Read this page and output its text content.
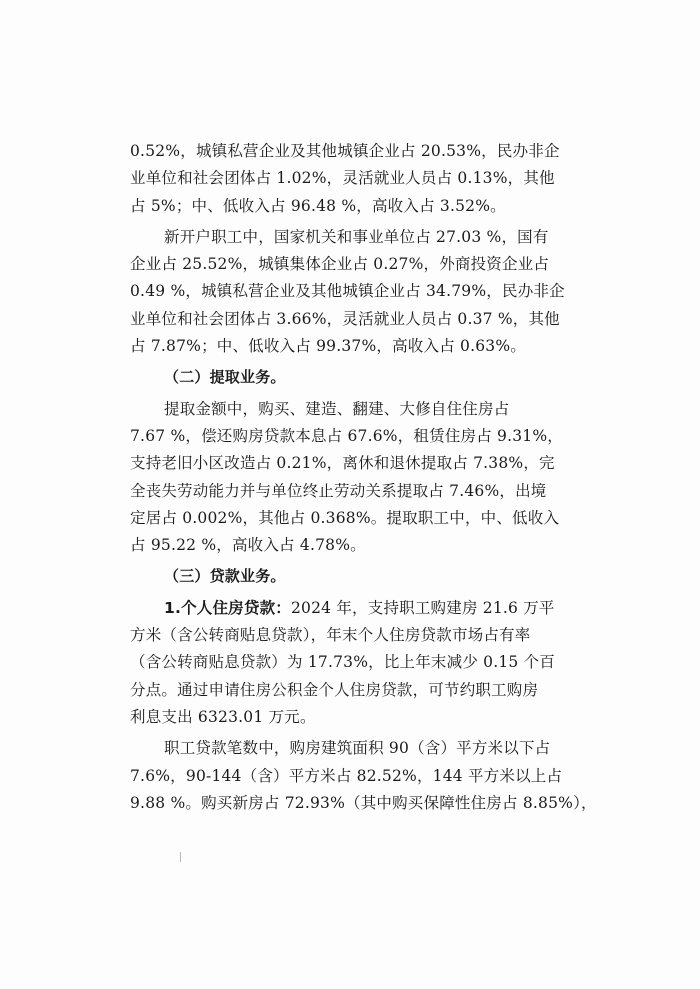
0.52%，城镇私营企业及其他城镇企业占 20.53%，民办非企
业单位和社会团体占 1.02%，灵活就业人员占 0.13%，其他
占 5%；中、低收入占 96.48 %，高收入占 3.52%。
新开户职工中，国家机关和事业单位占 27.03 %，国有
企业占 25.52%，城镇集体企业占 0.27%，外商投资企业占
0.49 %，城镇私营企业及其他城镇企业占 34.79%，民办非企
业单位和社会团体占 3.66%，灵活就业人员占 0.37 %，其他
占 7.87%；中、低收入占 99.37%，高收入占 0.63%。
（二）提取业务。
提取金额中，购买、建造、翻建、大修自住住房占
7.67 %，偿还购房贷款本息占 67.6%，租赁住房占 9.31%，
支持老旧小区改造占 0.21%，离休和退休提取占 7.38%，完
全丧失劳动能力并与单位终止劳动关系提取占 7.46%，出境
定居占 0.002%，其他占 0.368%。提取职工中，中、低收入
占 95.22 %，高收入占 4.78%。
（三）贷款业务。
1.个人住房贷款：2024 年，支持职工购建房 21.6 万平
方米（含公转商贴息贷款），年末个人住房贷款市场占有率
（含公转商贴息贷款）为 17.73%，比上年末减少 0.15 个百
分点。通过申请住房公积金个人住房贷款，可节约职工购房
利息支出 6323.01 万元。
职工贷款笔数中，购房建筑面积 90（含）平方米以下占
7.6%，90-144（含）平方米占 82.52%，144 平方米以上占
9.88 %。购买新房占 72.93%（其中购买保障性住房占 8.85%），
